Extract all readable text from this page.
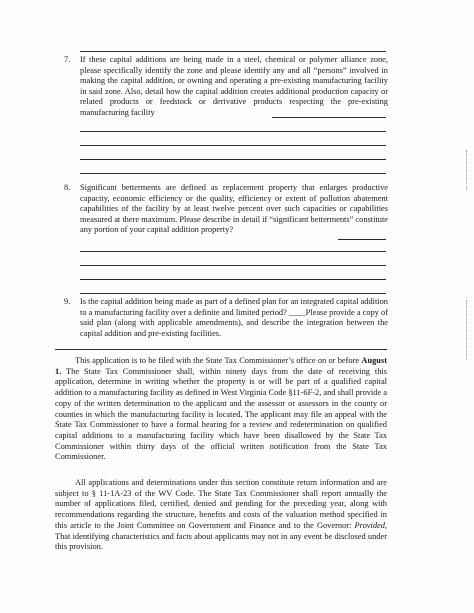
7. If these capital additions are being made in a steel, chemical or polymer alliance zone, please specifically identify the zone and please identify any and all “persons” involved in making the capital addition, or owning and operating a pre-existing manufacturing facility in said zone. Also, detail how the capital addition creates additional production capacity or related products or feedstock or derivative products respecting the pre-existing manufacturing facility
8. Significant betterments are defined as replacement property that enlarges productive capacity, economic efficiency or the quality, efficiency or extent of pollution abatement capabilities of the facility by at least twelve percent over such capacities or capabilities measured at there maximum. Please describe in detail if “significant betterments” constitute any portion of your capital addition property?
9. Is the capital addition being made as part of a defined plan for an integrated capital addition to a manufacturing facility over a definite and limited period? ____Please provide a copy of said plan (along with applicable amendments), and describe the integration between the capital addition and pre-existing facilities.
This application is to be filed with the State Tax Commissioner’s office on or before August 1. The State Tax Commissioner shall, within ninety days from the date of receiving this application, determine in writing whether the property is or will be part of a qualified capital addition to a manufacturing facility as defined in West Virginia Code §11-6F-2, and shall provide a copy of the written determination to the applicant and the assessor or assessors in the county or counties in which the manufacturing facility is located. The applicant may file an appeal with the State Tax Commissioner to have a formal hearing for a review and redetermination on qualified capital additions to a manufacturing facility which have been disallowed by the State Tax Commissioner within thirty days of the official written notification from the State Tax Commissioner.
All applications and determinations under this section constitute return information and are subject to § 11-1A-23 of the WV Code. The State Tax Commissioner shall report annually the number of applications filed, certified, denied and pending for the preceding year, along with recommendations regarding the structure, benefits and costs of the valuation method specified in this article to the Joint Committee on Government and Finance and to the Governor: Provided, That identifying characteristics and facts about applicants may not in any event be disclosed under this provision.
